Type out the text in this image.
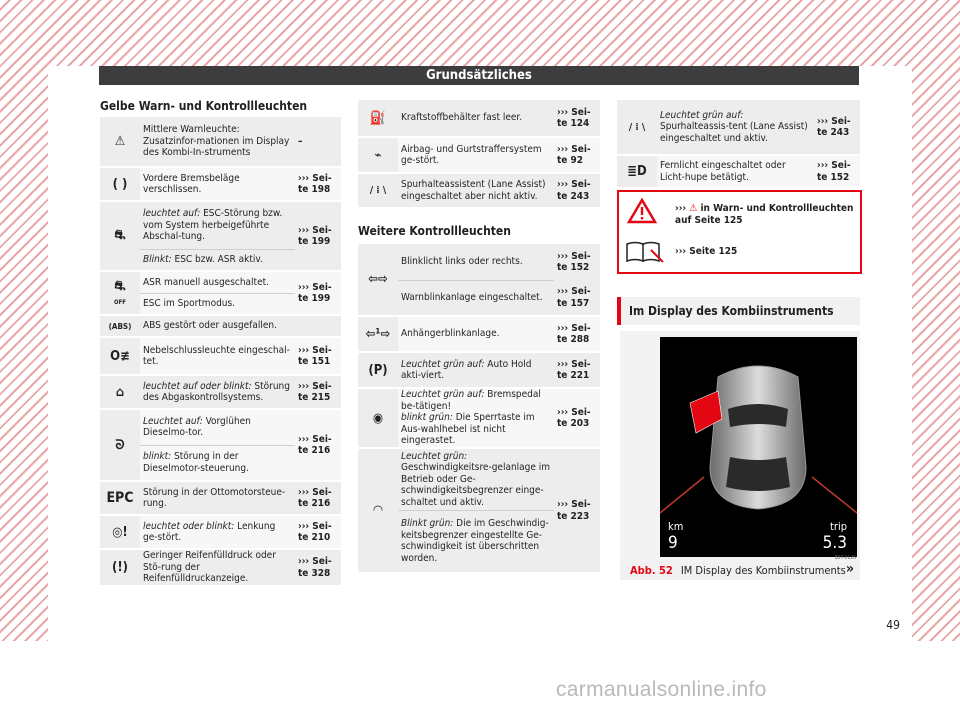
Grundsätzliches
49
carmanualsonline.info
Gelbe Warn- und Kontrollleuchten
⚠	Mittlere Warnleuchte: Zusatzinfor-mationen im Display des Kombi-In-struments	–
( )	Vordere Bremsbeläge verschlissen.	››› Sei-te 198
⛐	leuchtet auf: ESC-Störung bzw. vom System herbeigeführte Abschal-tung.	››› Sei-te 199
	Blinkt: ESC bzw. ASR aktiv.	
⛐
OFF	ASR manuell ausgeschaltet.	››› Sei-te 199
	ESC im Sportmodus.	
(ABS)	ABS gestört oder ausgefallen.	
O≢	Nebelschlussleuchte eingeschal-tet.	››› Sei-te 151
⌂	leuchtet auf oder blinkt: Störung des Abgaskontrollsystems.	››› Sei-te 215
ᘐ	Leuchtet auf: Vorglühen Dieselmo-tor.	››› Sei-te 216
	blinkt: Störung in der Dieselmotor-steuerung.	
EPC	Störung in der Ottomotorsteue-rung.	››› Sei-te 216
◎!	leuchtet oder blinkt: Lenkung ge-stört.	››› Sei-te 210
(!)	Geringer Reifenfülldruck oder Stö-rung der Reifenfülldruckanzeige.	››› Sei-te 328
⛽	Kraftstoffbehälter fast leer.	››› Sei-te 124
⌁	Airbag- und Gurtstraffersystem ge-stört.	››› Sei-te 92
/ ⁞ \	Spurhalteassistent (Lane Assist) eingeschaltet aber nicht aktiv.	››› Sei-te 243
Weitere Kontrollleuchten
⇦⇨	Blinklicht links oder rechts.	››› Sei-te 152
	Warnblinkanlage eingeschaltet.	››› Sei-te 157
⇦¹⇨	Anhängerblinkanlage.	››› Sei-te 288
(P)	Leuchtet grün auf: Auto Hold akti-viert.	››› Sei-te 221
◉	Leuchtet grün auf: Bremspedal be-tätigen!
blinkt grün: Die Sperrtaste im Aus-wahlhebel ist nicht eingerastet.	››› Sei-te 203
◠	Leuchtet grün: Geschwindigkeitsre-gelanlage im Betrieb oder Ge-schwindigkeitsbegrenzer einge-schaltet und aktiv.	››› Sei-te 223
	Blinkt grün: Die im Geschwindig-keitsbegrenzer eingestellte Ge-schwindigkeit ist überschritten worden.	
/ ⁞ \	Leuchtet grün auf: Spurhalteassis-tent (Lane Assist) eingeschaltet und aktiv.	››› Sei-te 243
≣D	Fernlicht eingeschaltet oder Licht-hupe betätigt.	››› Sei-te 152
››› ⚠ in Warn- und Kontrollleuchten auf Seite 125
››› Seite 125
Im Display des Kombiinstruments
km
9
trip
5.3
B5T-0126
Abb. 52 IM Display des Kombiinstruments »
